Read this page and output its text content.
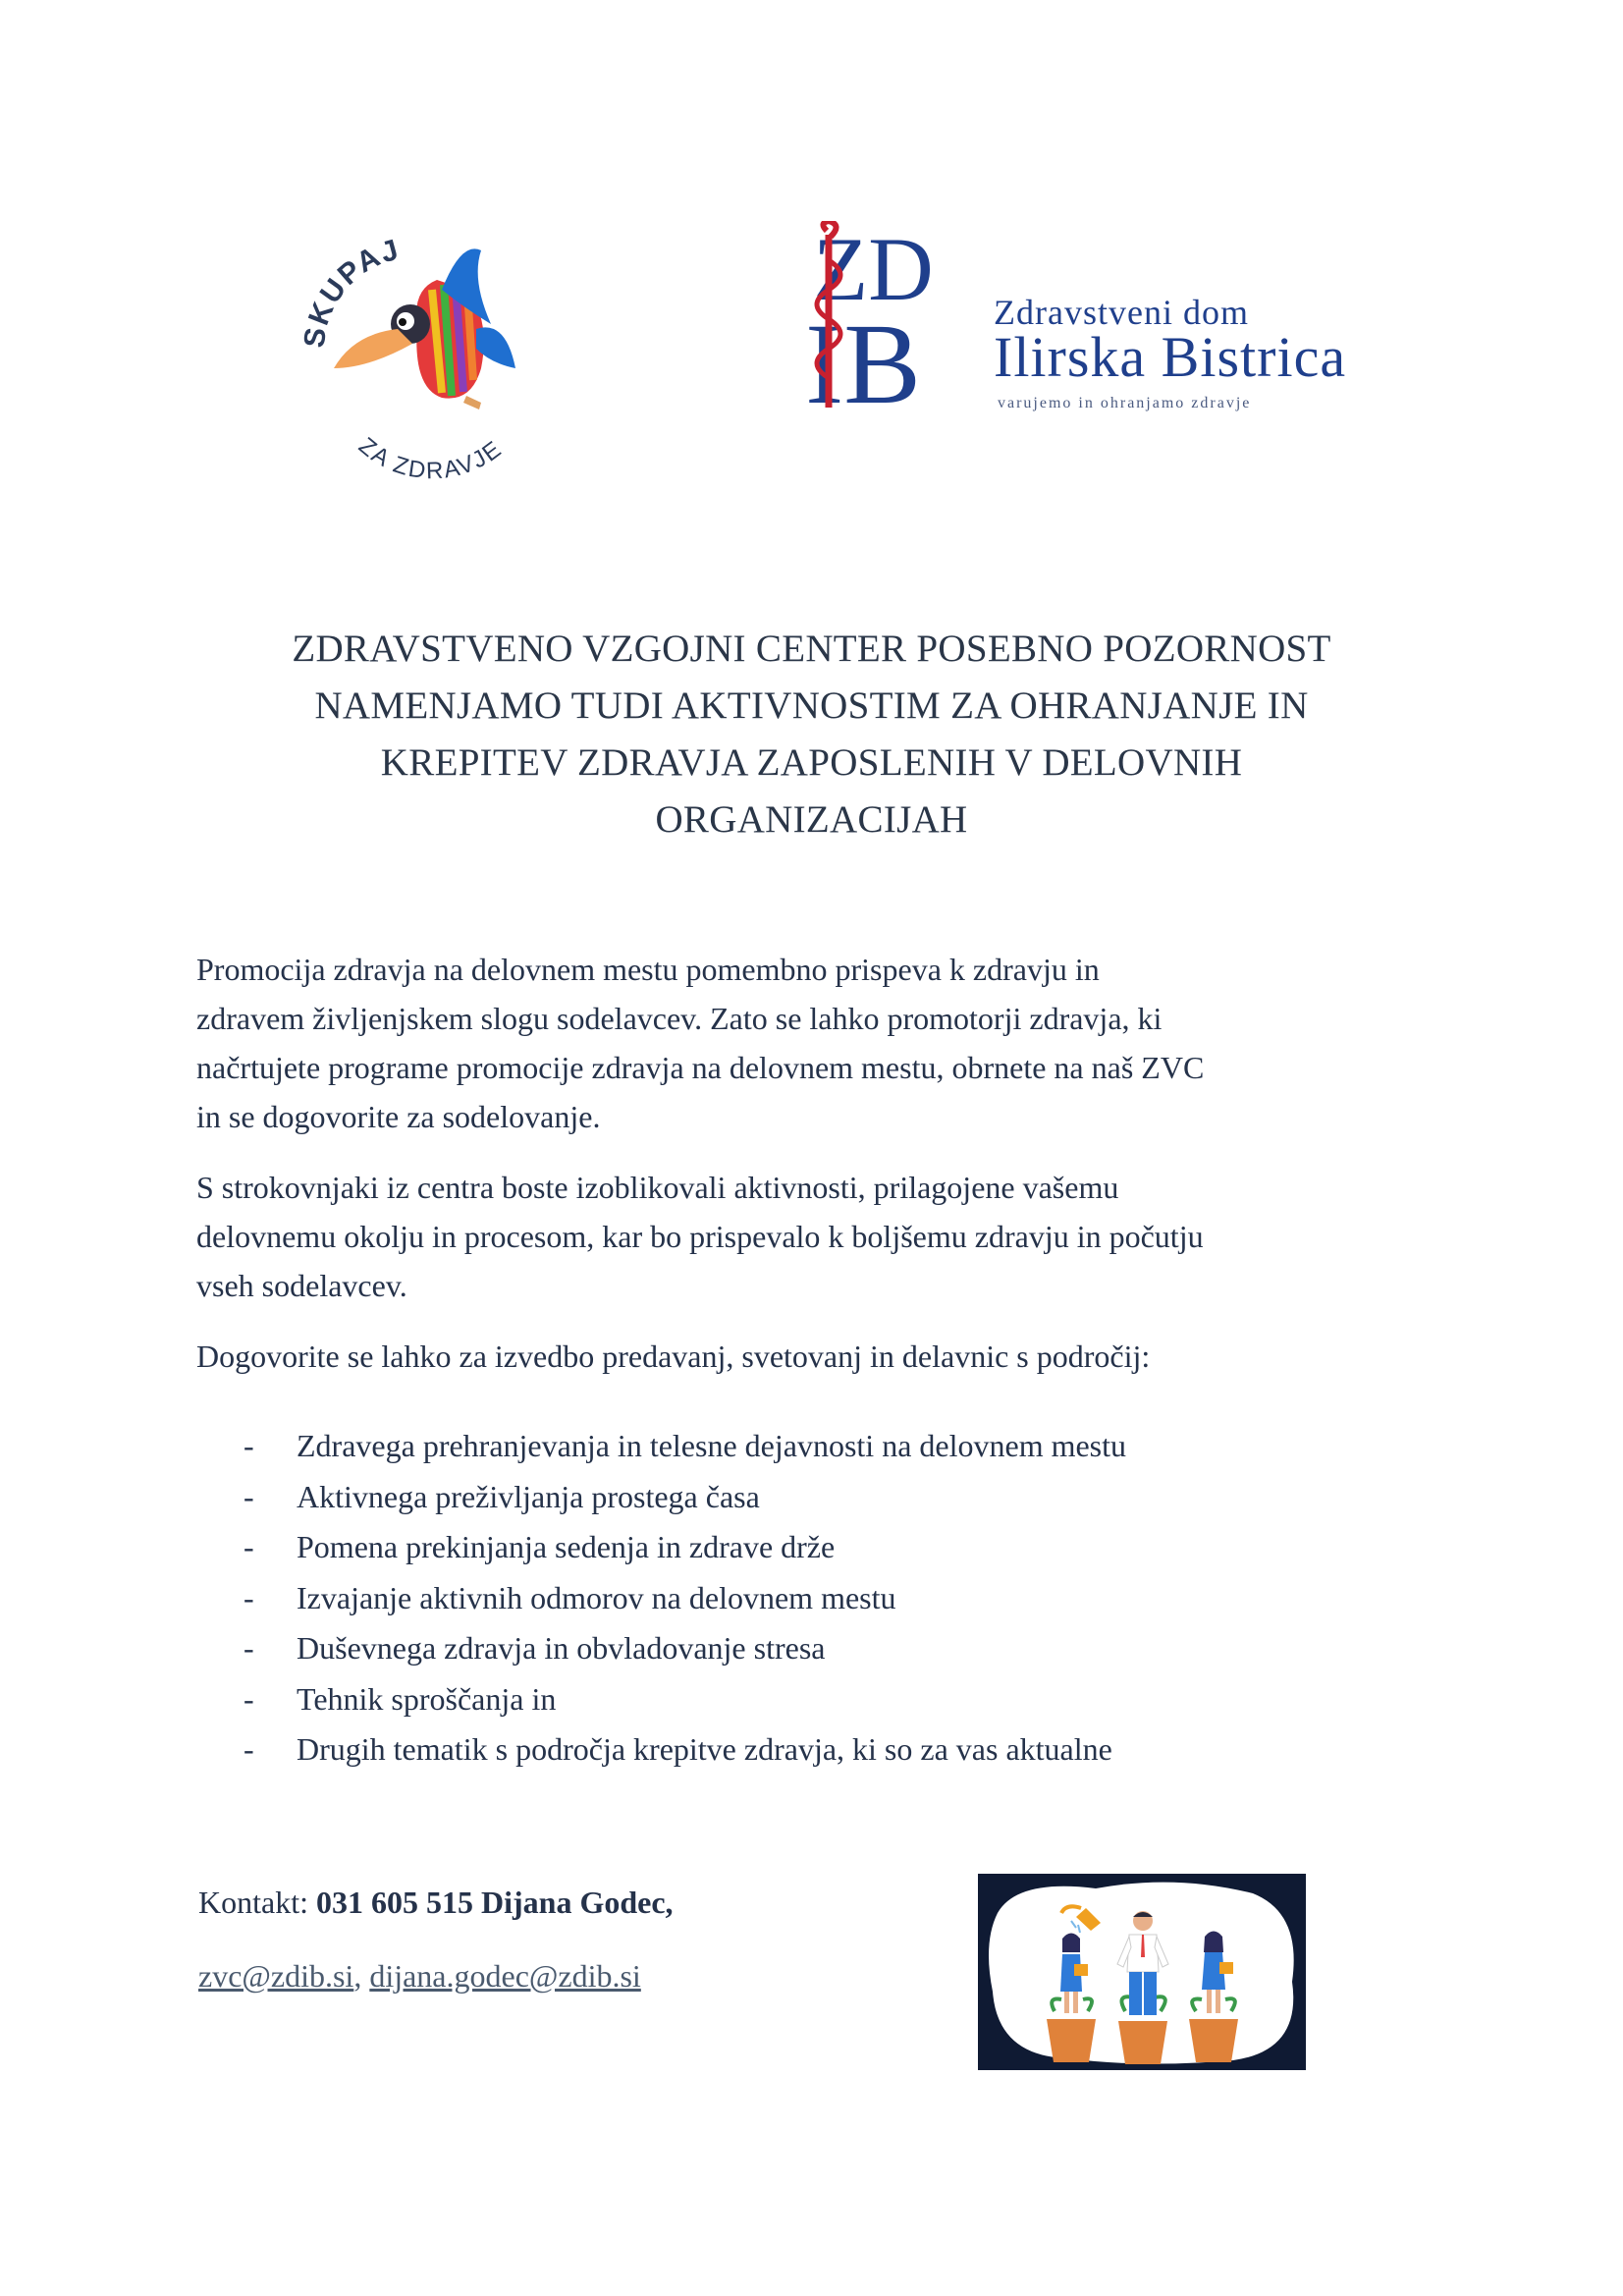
SKUPAJ
ZA ZDRAVJE
ZD
IB Zdravstveni dom
Ilirska Bistrica
varujemo in ohranjamo zdravje
ZDRAVSTVENO VZGOJNI CENTER POSEBNO POZORNOST
NAMENJAMO TUDI AKTIVNOSTIM ZA OHRANJANJE IN
KREPITEV ZDRAVJA ZAPOSLENIH V DELOVNIH
ORGANIZACIJAH
Promocija zdravja na delovnem mestu pomembno prispeva k zdravju in
zdravem življenjskem slogu sodelavcev. Zato se lahko promotorji zdravja, ki
načrtujete programe promocije zdravja na delovnem mestu, obrnete na naš ZVC
in se dogovorite za sodelovanje.
S strokovnjaki iz centra boste izoblikovali aktivnosti, prilagojene vašemu
delovnemu okolju in procesom, kar bo prispevalo k boljšemu zdravju in počutju
vseh sodelavcev.
Dogovorite se lahko za izvedbo predavanj, svetovanj in delavnic s področij:
- Zdravega prehranjevanja in telesne dejavnosti na delovnem mestu
- Aktivnega preživljanja prostega časa
- Pomena prekinjanja sedenja in zdrave drže
- Izvajanje aktivnih odmorov na delovnem mestu
- Duševnega zdravja in obvladovanje stresa
- Tehnik sproščanja in
- Drugih tematik s področja krepitve zdravja, ki so za vas aktualne
Kontakt: 031 605 515 Dijana Godec,
zvc@zdib.si, dijana.godec@zdib.si
